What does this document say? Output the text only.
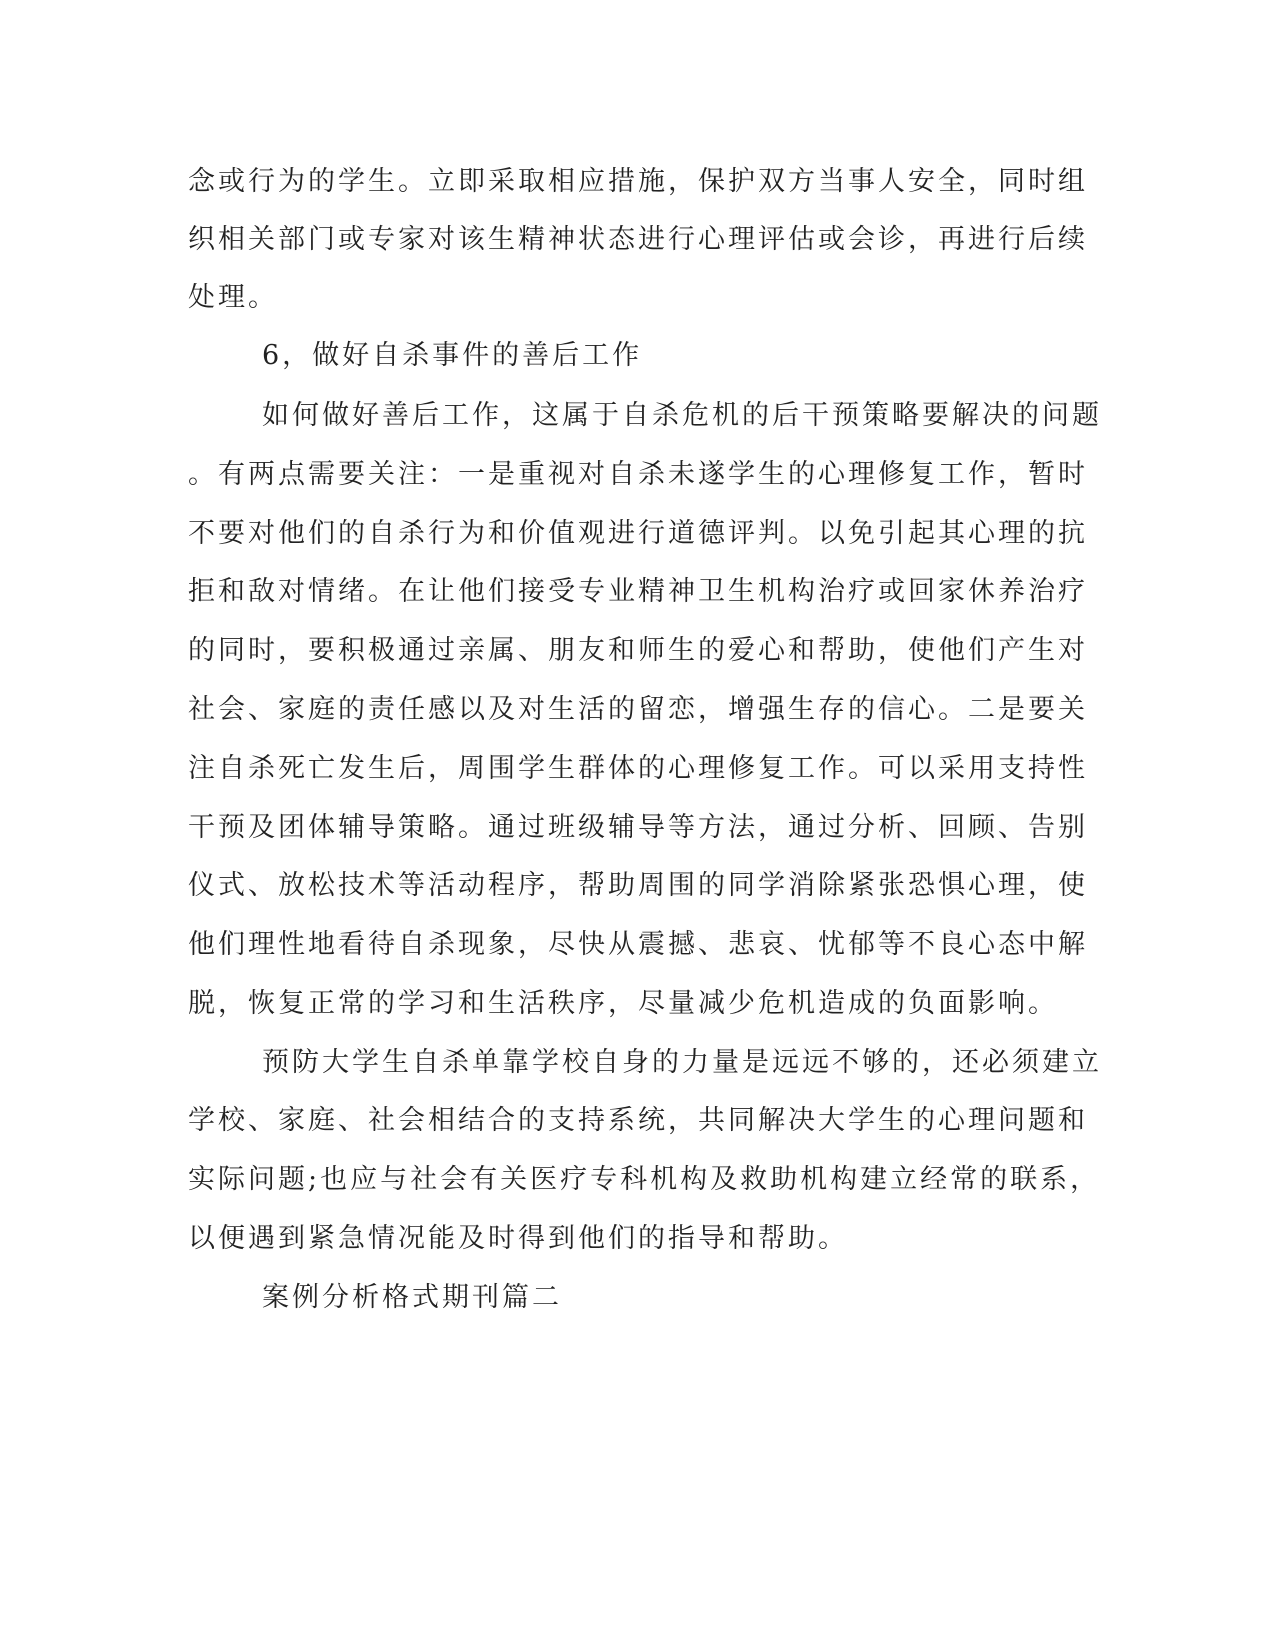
念或行为的学生。立即采取相应措施，保护双方当事人安全，同时组

织相关部门或专家对该生精神状态进行心理评估或会诊，再进行后续

处理。

6，做好自杀事件的善后工作

如何做好善后工作，这属于自杀危机的后干预策略要解决的问题

。有两点需要关注：一是重视对自杀未遂学生的心理修复工作，暂时

不要对他们的自杀行为和价值观进行道德评判。以免引起其心理的抗

拒和敌对情绪。在让他们接受专业精神卫生机构治疗或回家休养治疗

的同时，要积极通过亲属、朋友和师生的爱心和帮助，使他们产生对

社会、家庭的责任感以及对生活的留恋，增强生存的信心。二是要关

注自杀死亡发生后，周围学生群体的心理修复工作。可以采用支持性

干预及团体辅导策略。通过班级辅导等方法，通过分析、回顾、告别

仪式、放松技术等活动程序，帮助周围的同学消除紧张恐惧心理，使

他们理性地看待自杀现象，尽快从震撼、悲哀、忧郁等不良心态中解

脱，恢复正常的学习和生活秩序，尽量减少危机造成的负面影响。

预防大学生自杀单靠学校自身的力量是远远不够的，还必须建立

学校、家庭、社会相结合的支持系统，共同解决大学生的心理问题和

实际问题;也应与社会有关医疗专科机构及救助机构建立经常的联系，

以便遇到紧急情况能及时得到他们的指导和帮助。

案例分析格式期刊篇二
